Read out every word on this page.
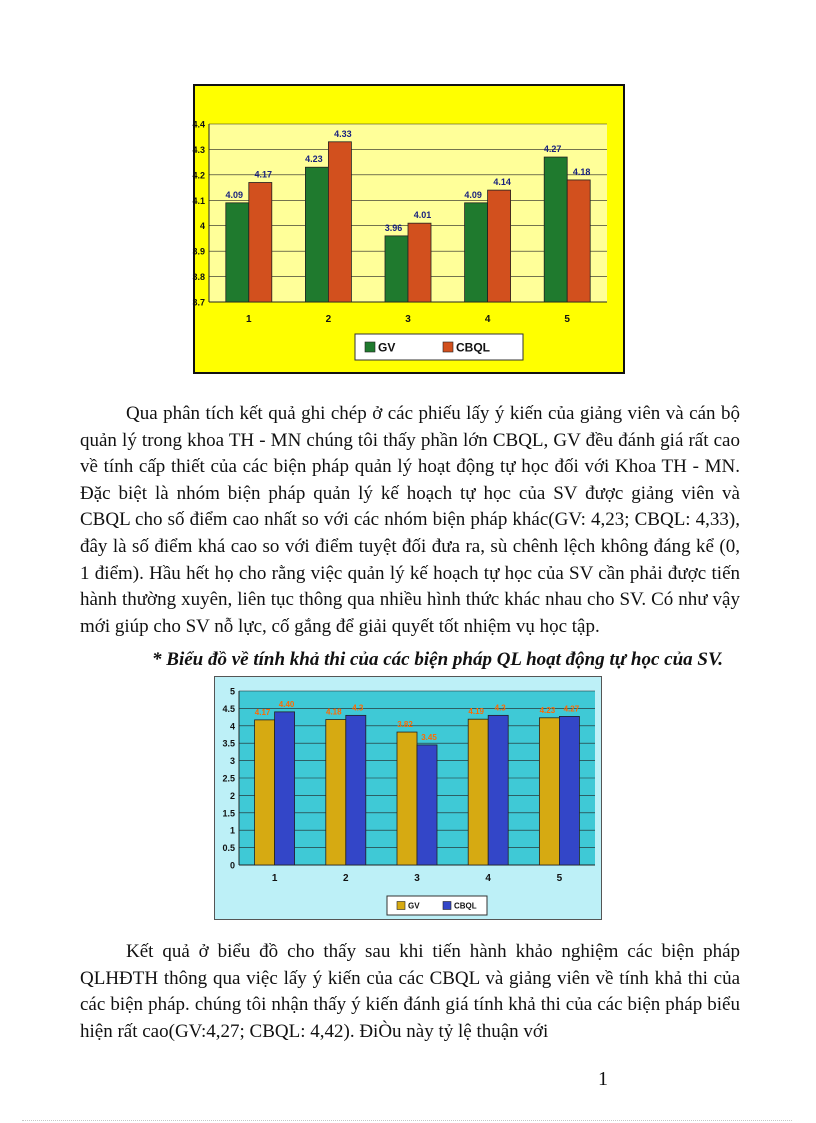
3.7
3.8
3.9
4
4.1
4.2
4.3
4.4
1
4.09
4.17
2
4.23
4.33
3
3.96
4.01
4
4.09
4.14
5
4.27
4.18
GV	CBQL

Qua phân tích kết quả ghi chép ở các phiếu lấy ý kiến của giảng viên và cán bộ quản lý trong khoa TH - MN chúng tôi thấy phần lớn CBQL, GV đều đánh giá rất cao về tính cấp thiết của các biện pháp quản lý hoạt động tự học đối với Khoa TH - MN. Đặc biệt là nhóm biện pháp quản lý kế hoạch tự học của SV được giảng viên và CBQL cho số điểm cao nhất so với các nhóm biện pháp khác(GV: 4,23; CBQL: 4,33), đây là số điểm khá cao so với điểm tuyệt đối đưa ra, sù chênh lệch không đáng kể (0, 1 điểm). Hầu hết họ cho rằng việc quản lý kế hoạch tự học của SV cần phải được tiến hành thường xuyên, liên tục thông qua nhiều hình thức khác nhau cho SV. Có như vậy mới giúp cho SV nỗ lực, cố gắng để giải quyết tốt nhiệm vụ học tập.

* Biểu đồ về tính khả thi của các biện pháp QL hoạt động tự học của SV.

0
0.5
1
1.5
2
2.5
3
3.5
4
4.5
5
1
4.17
4.40
2
4.18 4.3
3
3.82
3.45
4
4.19 4.3
5
4.23 4.27
GV	CBQL

Kết quả ở biểu đồ cho thấy sau khi tiến hành khảo nghiệm các biện pháp QLHĐTH thông qua việc lấy ý kiến của các CBQL và giảng viên về tính khả thi của các biện pháp. chúng tôi nhận thấy ý kiến đánh giá tính khả thi của các biện pháp biểu hiện rất cao(GV:4,27; CBQL: 4,42). ĐiÒu này tỷ lệ thuận với

1
